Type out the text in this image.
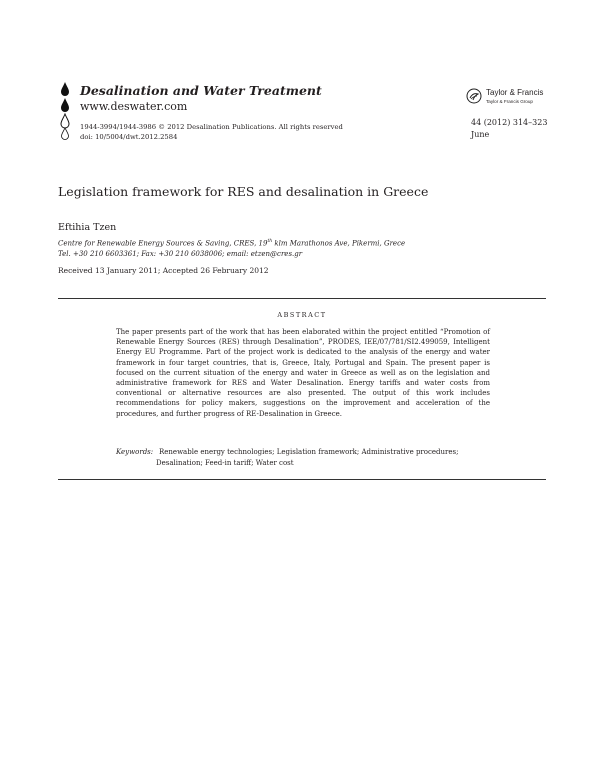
Desalination and Water Treatment
www.deswater.com
1944-3994/1944-3986 © 2012 Desalination Publications. All rights reserved
doi: 10/5004/dwt.2012.2584
Taylor & Francis
Taylor & Francis Group
44 (2012) 314–323
June
Legislation framework for RES and desalination in Greece
Eftihia Tzen
Centre for Renewable Energy Sources & Saving, CRES, 19th klm Marathonos Ave, Pikermi, Grece
Tel. +30 210 6603361; Fax: +30 210 6038006; email: etzen@cres.gr
Received 13 January 2011; Accepted 26 February 2012
ABSTRACT
The paper presents part of the work that has been elaborated within the project entitled “Promotion of Renewable Energy Sources (RES) through Desalination”, PRODES, IEE/07/781/SI2.499059, Intelligent Energy EU Programme. Part of the project work is dedicated to the analysis of the energy and water framework in four target countries, that is, Greece, Italy, Portugal and Spain. The present paper is focused on the current situation of the energy and water in Greece as well as on the legislation and administrative framework for RES and Water Desalination. Energy tariffs and water costs from conventional or alternative resources are also presented. The output of this work includes recommendations for policy makers, suggestions on the improvement and acceleration of the procedures, and further progress of RE-Desalination in Greece.
Keywords: Renewable energy technologies; Legislation framework; Administrative procedures;
Desalination; Feed-in tariff; Water cost
